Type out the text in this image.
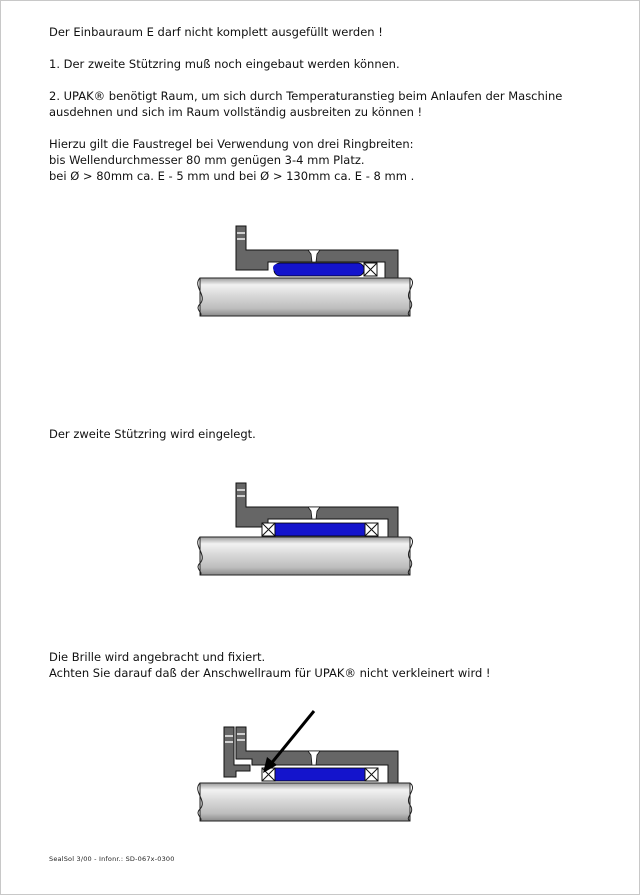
Der Einbauraum E darf nicht komplett ausgefüllt werden !
1. Der zweite Stützring muß noch eingebaut werden können.
2. UPAK® benötigt Raum, um sich durch Temperaturanstieg beim Anlaufen der Maschine
ausdehnen und sich im Raum vollständig ausbreiten zu können !
Hierzu gilt die Faustregel bei Verwendung von drei Ringbreiten:
bis Wellendurchmesser 80 mm genügen 3-4 mm Platz.
bei Ø > 80mm ca. E - 5 mm und bei Ø > 130mm ca. E - 8 mm .
Der zweite Stützring wird eingelegt.
Die Brille wird angebracht und fixiert.
Achten Sie darauf daß der Anschwellraum für UPAK® nicht verkleinert wird !
SealSol 3/00 - Infonr.: SD-067x-0300
